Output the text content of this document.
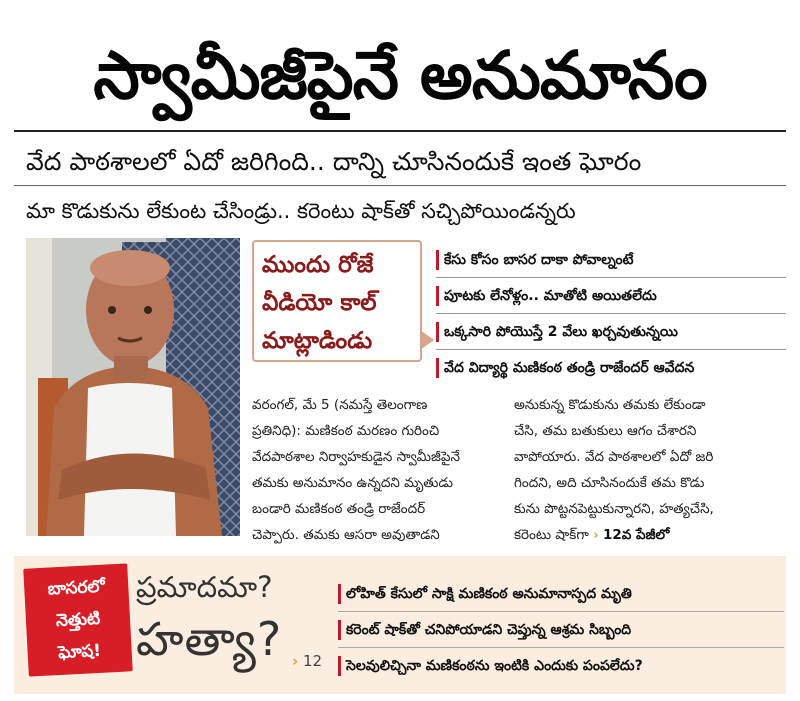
స్వామీజీపైనే అనుమానం
వేద పాఠశాలలో ఏదో జరిగింది.. దాన్ని చూసినందుకే ఇంత ఘోరం
మా కొడుకును లేకుంట చేసిండ్రు.. కరెంటు షాక్‌తో సచ్చిపోయిండన్నరు
ముందు రోజే
వీడియో కాల్
మాట్లాడిండు
కేసు కోసం బాసర దాకా పోవాల్నంటే
పూటకు లేనోళ్లం.. మాతోటి అయితలేదు
ఒక్కసారి పోయొస్తే 2 వేలు ఖర్చవుతున్నయి
వేద విద్యార్థి మణికంఠ తండ్రి రాజేందర్ ఆవేదన
వరంగల్, మే 5 (నమస్తే తెలంగాణ
ప్రతినిధి): మణికంఠ మరణం గురించి
వేదపాఠశాల నిర్వాహకుడైన స్వామీజీపైనే
తమకు అనుమానం ఉన్నదని మృతుడు
బండారి మణికంఠ తండ్రి రాజేందర్
చెప్పారు. తమకు ఆసరా అవుతాడని
అనుకున్న కొడుకును తమకు లేకుండా
చేసి, తమ బతుకులు ఆగం చేశారని
వాపోయారు. వేద పాఠశాలలో ఏదో జరి
గిందని, అది చూసినందుకే తమ కొడు
కును పొట్టనపెట్టుకున్నారని, హత్యచేసి,
కరెంటు షాక్‌గా › 12వ పేజీలో
బాసరలో
నెత్తుటి
ఘోష!
ప్రమాదమా?
హత్యా? › 12
లోహిత్ కేసులో సాక్షి మణికంఠ అనుమానాస్పద మృతి
కరెంట్ షాక్‌తో చనిపోయాడని చెప్తున్న ఆశ్రమ సిబ్బంది
సెలవులిచ్చినా మణికంఠను ఇంటికి ఎందుకు పంపలేదు?
